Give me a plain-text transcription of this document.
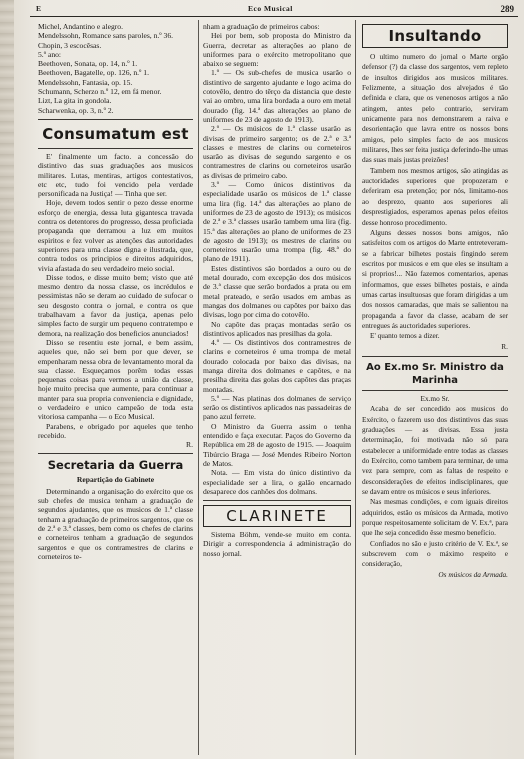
E	Eco Musical	289

Michel, Andantino e alegro.

Mendelssohn, Romance sans paroles, n.º 36.

Chopin, 3 escocêsas.

5.º ano:

Beethoven, Sonata, op. 14, n.º 1.

Beethoven, Bagatelle, op. 126, n.º 1.

Mendelssohn, Fantasia, op. 15.

Schumann, Scherzo n.º 12, em fá menor.

Lizt, La gita in gondola.

Scharwenka, op. 3, n.º 2.

Consumatum est

E' finalmente um facto. a concessão do distintivo das suas graduações aos musicos militares. Lutas, mentiras, artigos contestativos, etc etc, tudo foi vencido pela verdade personificada na Justiça! — Tinha que ser.

Hoje, devem todos sentir o pezo desse enorme esforço de energia, dessa luta gigantesca travada contra os detentores do progresso, dessa proficiada propaganda que derramou a luz em muitos espiritos e fez volver as atenções das autoridades superiores para uma classe digna e ilustrada, que, contra todos os principios e direitos adquiridos, vivia afastada do seu verdadeiro meio social.

Disse todos, e disse muito bem; visto que até mesmo dentro da nossa classe, os incrédulos e pessimistas não se deram ao cuidado de sufocar o seu desgosto contra o jornal, e contra os que trabalhavam a favor da justiça, apenas pelo simples facto de surgir um pequeno contratempo e demora, na realização dos beneficios anunciados!

Disso se resentiu este jornal, e bem assim, aqueles que, não sei bem por que dever, se empenharam nessa obra de levantamento moral da sua classe. Esqueçamos porêm todas essas pequenas coisas para vermos a união da classe, hoje muito precisa que aumente, para continuar a manter para sua propria conveniencia e dignidade, o verdadeiro e unico campeão de toda esta vitoriosa campanha — o Eco Musical.

Parabens, e obrigado por aqueles que tenho recebido.

R.

Secretaria da Guerra
Repartição do Gabinete

Determinando a organisação do exército que os sub chefes de musica tenham a graduação de segundos ajudantes, que os musicos de 1.ª classe tenham a graduação de primeiros sargentos, que os de 2.ª e 3.ª classes, bem como os chefes de clarins e corneteiros tenham a graduação de segundos sargentos e que os contramestres de clarins e corneteiros te-

nham a graduação de primeiros cabos:

Hei por bem, sob proposta do Ministro da Guerra, decretar as alterações ao plano de uniformes para o exército metropolitano que abaixo se seguem:

1.º — Os sub-chefes de musica usarão o distintivo de sargento ajudante e logo acima do cotovêlo, dentro do têrço da distancia que deste vai ao ombro, uma lira bordada a ouro em metal dourado (fig. 14.ª das alterações ao plano de uniformes de 23 de agosto de 1913).

2.º — Os músicos de 1.ª classe usarão as divisas de primeiro sargento; os de 2.ª e 3.ª classes e mestres de clarins ou corneteiros usarão as divisas de segundo sargento e os contramestres de clarins ou corneteiros usarão as divisas de primeiro cabo.

3.º — Como únicos distintivos da especialidade usarão os músicos de 1.ª classe uma lira (fig. 14.ª das alterações ao plano de uniformes de 23 de agosto de 1913); os músicos de 2.ª e 3.ª classes usarão tambem uma lira (fig. 15.ª das alterações ao plano de uniformes de 23 de agosto de 1913); os mestres de clarins ou corneteiros usarão uma trompa (fig. 48.ª do plano de 1911).

Estes distintivos são bordados a ouro ou de metal dourado, com excepção dos dos músicos de 3.ª classe que serão bordados a prata ou em metal prateado, e serão usados em ambas as mangas dos dolmanes ou capôtes por baixo das divisas, logo por cima do cotovêlo.

No capôte das praças montadas serão os distintivos aplicados nas presilhas da gola.

4.º — Os distintivos dos contramestres de clarins e corneteiros é uma trompa de metal dourado colocada por baixo das divisas, na manga direita dos dolmanes e capôtes, e na presilha direita das golas dos capôtes das praças montadas.

5.º — Nas platinas dos dolmanes de serviço serão os distintivos aplicados nas passadeiras de pano azul ferrete.

O Ministro da Guerra assim o tenha entendido e faça executar. Paços do Governo da República em 28 de agosto de 1915. — Joaquim Tibúrcio Braga — José Mendes Ribeiro Norton de Matos.

Nota. — Em vista do único distintivo da especialidade ser a lira, o galão encarnado desaparece dos canhões dos dolmans.

CLARINETE

Sistema Böhm, vende-se muito em conta. Dirigir a correspondencia á administração do nosso jornal.

Insultando

O ultimo numero do jornal o Marte orgão defensor (?) da classe dos sargentos, vem repleto de insultos dirigidos aos musicos militares. Felizmente, a situação dos alvejados é tão definida e clara, que os venenosos artigos a não atingem, antes pelo contrario, serviram unicamente para nos demonstrarem a raiva e desorientação que lavra entre os nossos bons amigos, pelo simples facto de aos musicos militares, lhes ser feita justiça deferindo-lhe umas das suas mais justas preizões!

Tambem nos mesmos artigos, são atingidas as auctoridades superiores que propozeram e deferiram esa pretenção; por nós, limitamo-nos ao desprezo, quanto aos superiores ali desprestigiados, esperamos apenas pelos efeitos desse honroso procedimento.

Alguns desses nossos bons amigos, não satisfeitos com os artigos do Marte entreteveram-se a fabricar bilhetes postais fingindo serem escritos por musicos e em que eles se insultam a si proprios!... Não fazemos comentarios, apenas informamos, que esses bilhetes postais, e ainda umas cartas insultuosas que foram dirigidas a um dos nossos camaradas, que mais se salientou na propaganda a favor da classe, acabam de ser entregues ás auctoridades superiores.

E' quanto temos a dizer.

R.

Ao Ex.mo Sr. Ministro da Marinha

Ex.mo Sr.

Acaba de ser concedido aos musicos do Exército, o fazerem uso dos distintivos das suas graduações — as divisas. Essa justa determinação, foi motivada não só para estabelecer a uniformidade entre todas as classes do Exército, como tambem para terminar, de uma vez para sempre, com as faltas de respeito e desconsiderações de efeitos indisciplinares, que se davam entre os músicos e seus inferiores.

Nas mesmas condições, e com iguais direitos adquiridos, estão os músicos da Armada, motivo porque respeitosamente solicitam de V. Ex.ª, para que lhe seja concedido êsse mesmo benefício.

Confiados no são e justo critério de V. Ex.ª, se subscrevem com o máximo respeito e consideração,

Os músicos da Armada.
